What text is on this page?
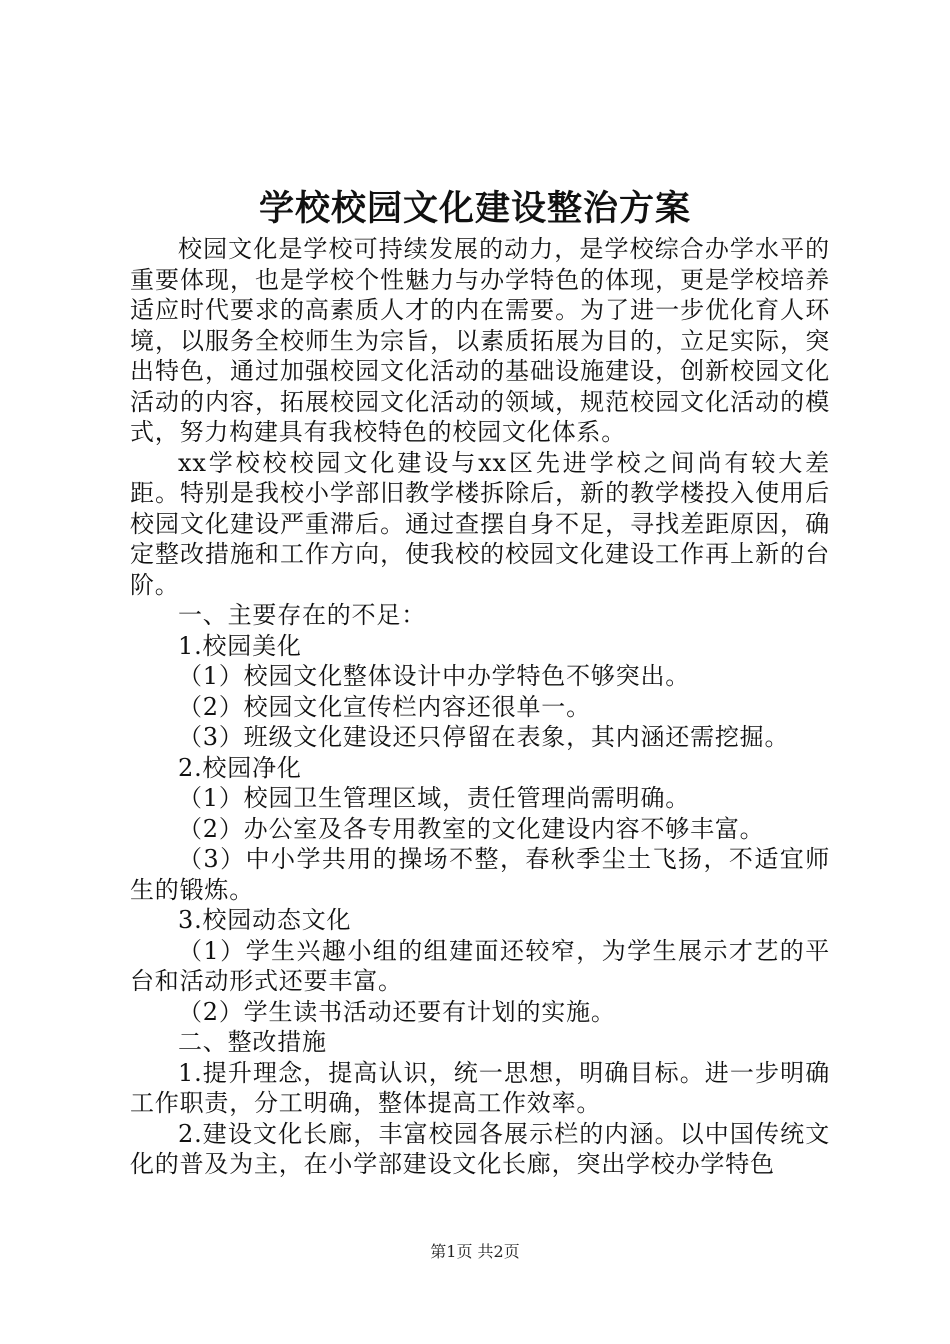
学校校园文化建设整治方案

校园文化是学校可持续发展的动力，是学校综合办学水平的重要体现，也是学校个性魅力与办学特色的体现，更是学校培养适应时代要求的高素质人才的内在需要。为了进一步优化育人环境，以服务全校师生为宗旨，以素质拓展为目的，立足实际，突出特色，通过加强校园文化活动的基础设施建设，创新校园文化活动的内容，拓展校园文化活动的领域，规范校园文化活动的模式，努力构建具有我校特色的校园文化体系。

xx学校校校园文化建设与xx区先进学校之间尚有较大差距。特别是我校小学部旧教学楼拆除后，新的教学楼投入使用后校园文化建设严重滞后。通过查摆自身不足，寻找差距原因，确定整改措施和工作方向，使我校的校园文化建设工作再上新的台阶。

一、主要存在的不足：

1.校园美化

（1）校园文化整体设计中办学特色不够突出。

（2）校园文化宣传栏内容还很单一。

（3）班级文化建设还只停留在表象，其内涵还需挖掘。

2.校园净化

（1）校园卫生管理区域，责任管理尚需明确。

（2）办公室及各专用教室的文化建设内容不够丰富。

（3）中小学共用的操场不整，春秋季尘土飞扬，不适宜师生的锻炼。

3.校园动态文化

（1）学生兴趣小组的组建面还较窄，为学生展示才艺的平台和活动形式还要丰富。

（2）学生读书活动还要有计划的实施。

二、整改措施

1.提升理念，提高认识，统一思想，明确目标。进一步明确工作职责，分工明确，整体提高工作效率。

2.建设文化长廊，丰富校园各展示栏的内涵。以中国传统文化的普及为主，在小学部建设文化长廊，突出学校办学特色

第1页 共2页
